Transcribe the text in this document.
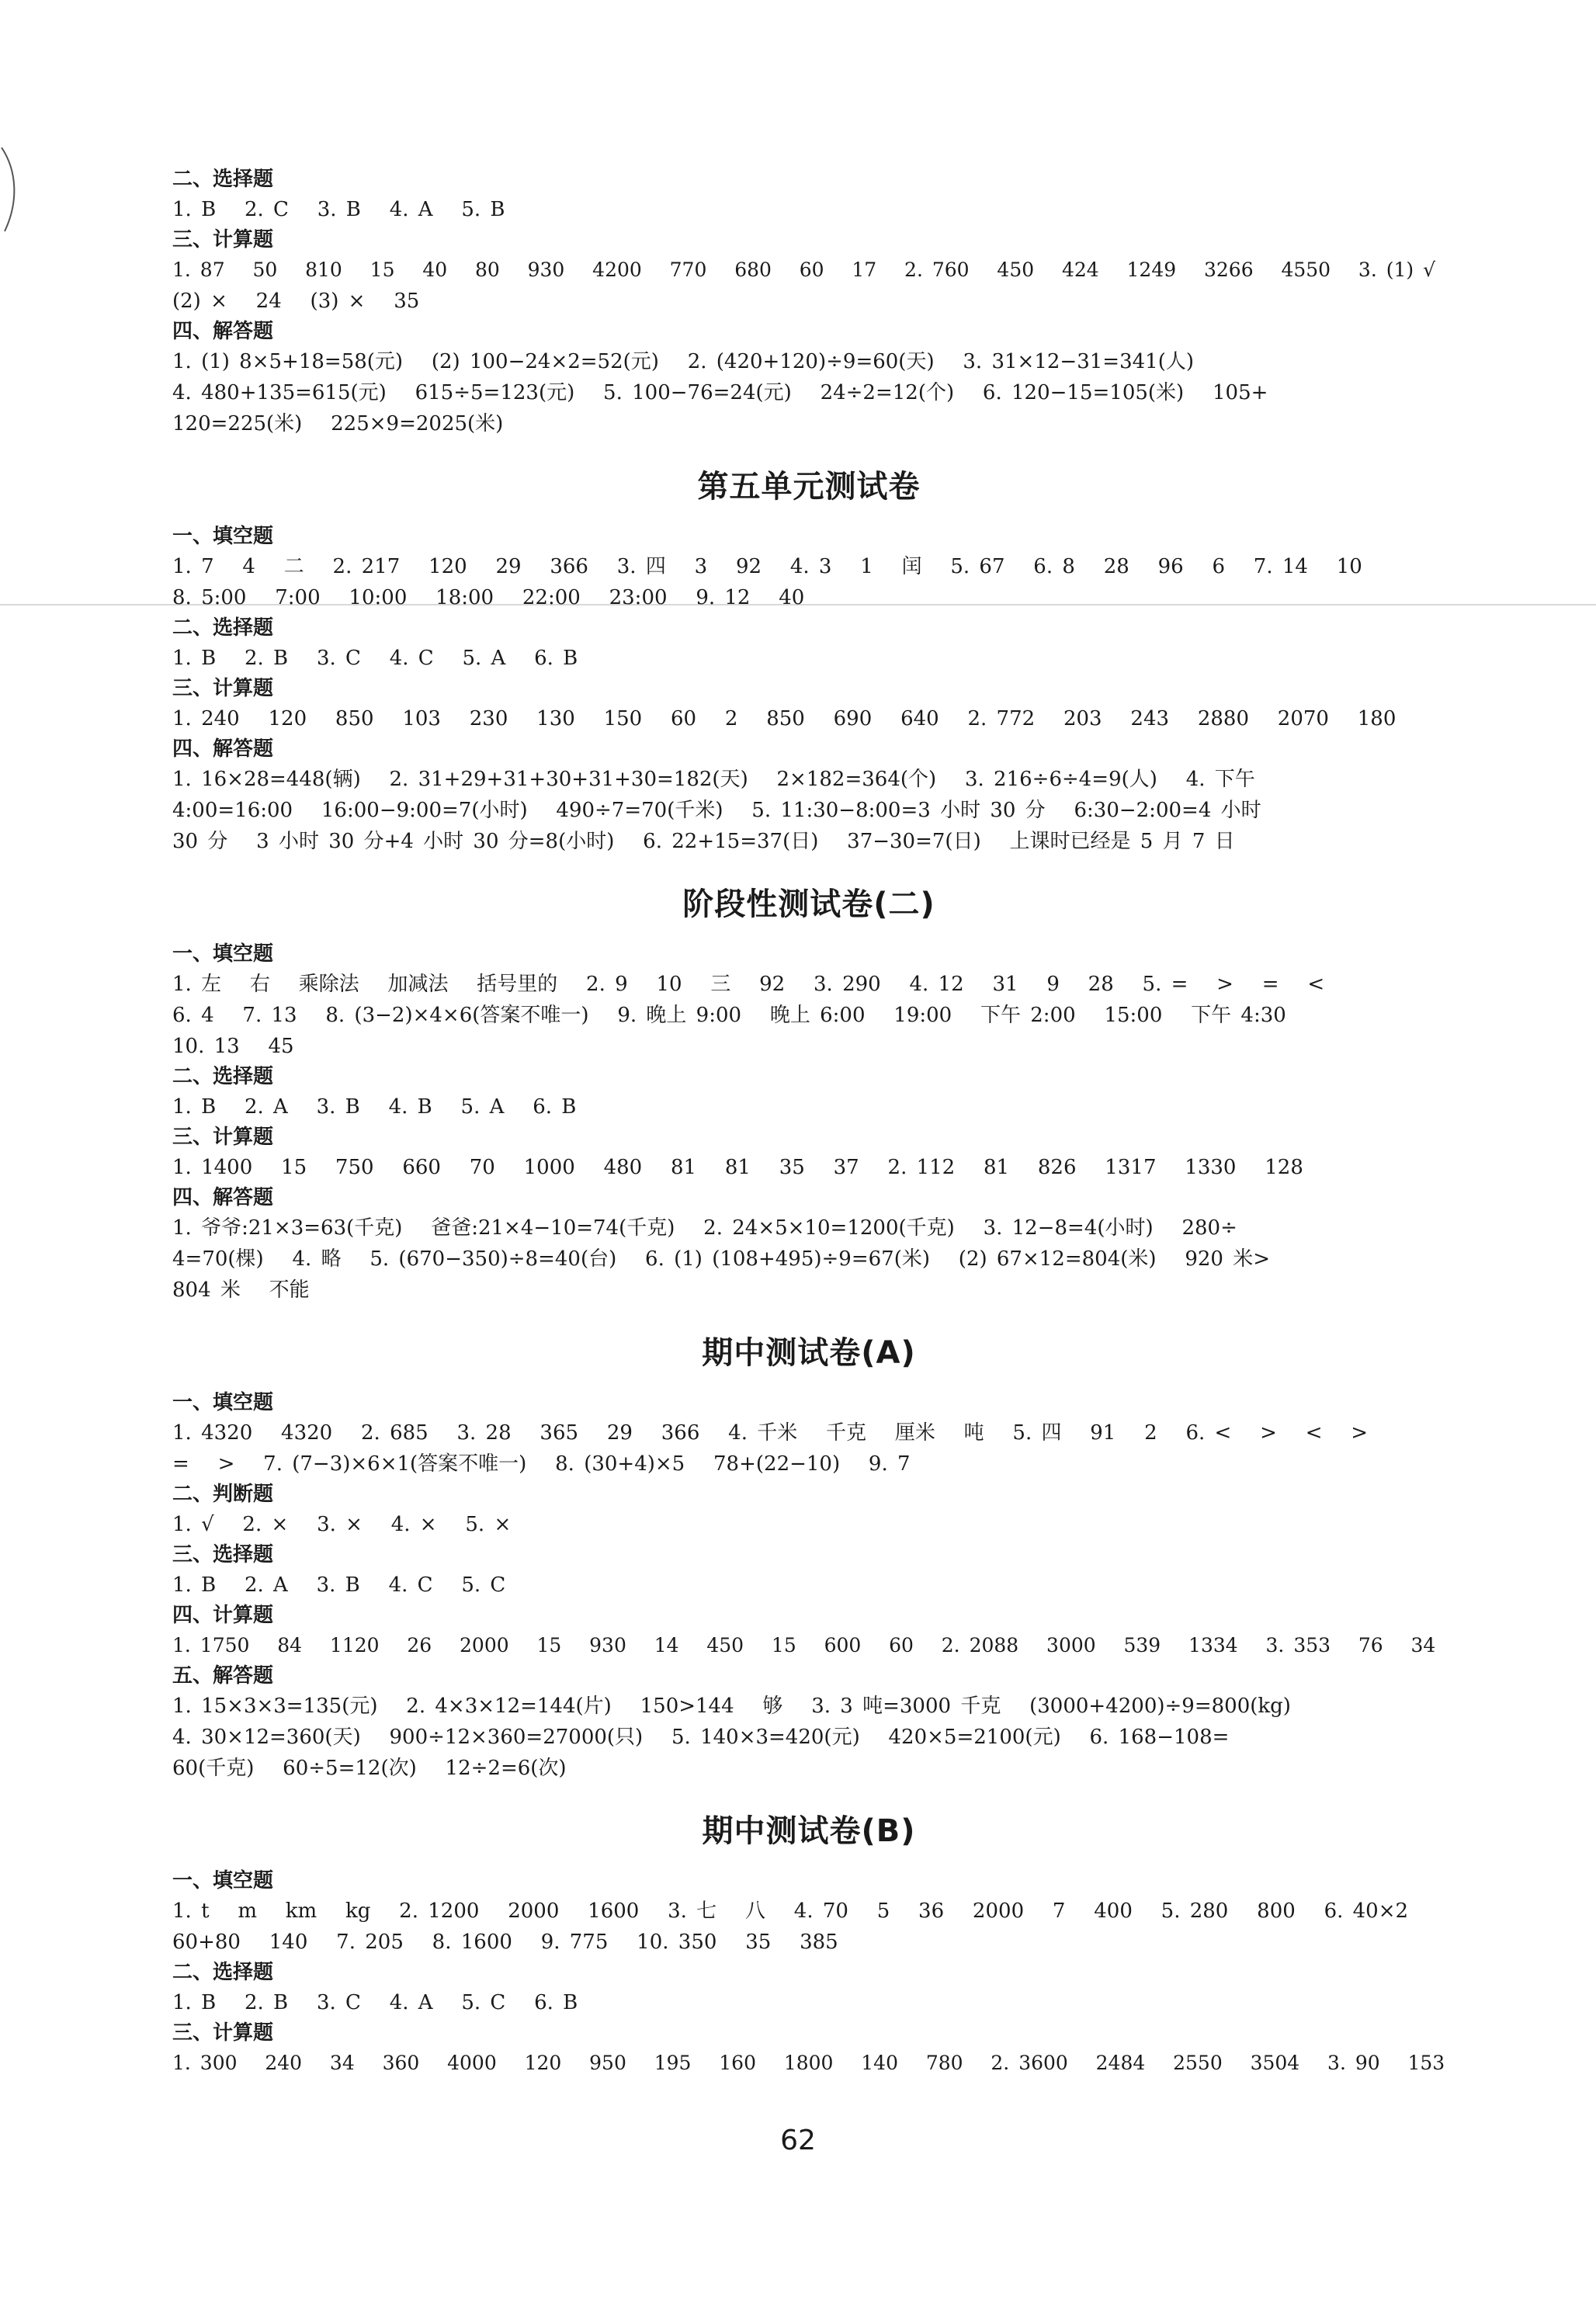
二、选择题
1. B   2. C   3. B   4. A   5. B
三、计算题
1. 87   50   810   15   40   80   930   4200   770   680   60   17   2. 760   450   424   1249   3266   4550   3. (1) √
(2) ×   24   (3) ×   35
四、解答题
1. (1) 8×5+18=58(元)   (2) 100−24×2=52(元)   2. (420+120)÷9=60(天)   3. 31×12−31=341(人)
4. 480+135=615(元)   615÷5=123(元)   5. 100−76=24(元)   24÷2=12(个)   6. 120−15=105(米)   105+
120=225(米)   225×9=2025(米)
第五单元测试卷
一、填空题
1. 7   4   二   2. 217   120   29   366   3. 四   3   92   4. 3   1   闰   5. 67   6. 8   28   96   6   7. 14   10
8. 5:00   7:00   10:00   18:00   22:00   23:00   9. 12   40
二、选择题
1. B   2. B   3. C   4. C   5. A   6. B
三、计算题
1. 240   120   850   103   230   130   150   60   2   850   690   640   2. 772   203   243   2880   2070   180
四、解答题
1. 16×28=448(辆)   2. 31+29+31+30+31+30=182(天)   2×182=364(个)   3. 216÷6÷4=9(人)   4. 下午
4:00=16:00   16:00−9:00=7(小时)   490÷7=70(千米)   5. 11:30−8:00=3 小时 30 分   6:30−2:00=4 小时
30 分   3 小时 30 分+4 小时 30 分=8(小时)   6. 22+15=37(日)   37−30=7(日)   上课时已经是 5 月 7 日
阶段性测试卷(二)
一、填空题
1. 左   右   乘除法   加减法   括号里的   2. 9   10   三   92   3. 290   4. 12   31   9   28   5. =   >   =   <
6. 4   7. 13   8. (3−2)×4×6(答案不唯一)   9. 晚上 9:00   晚上 6:00   19:00   下午 2:00   15:00   下午 4:30
10. 13   45
二、选择题
1. B   2. A   3. B   4. B   5. A   6. B
三、计算题
1. 1400   15   750   660   70   1000   480   81   81   35   37   2. 112   81   826   1317   1330   128
四、解答题
1. 爷爷:21×3=63(千克)   爸爸:21×4−10=74(千克)   2. 24×5×10=1200(千克)   3. 12−8=4(小时)   280÷
4=70(棵)   4. 略   5. (670−350)÷8=40(台)   6. (1) (108+495)÷9=67(米)   (2) 67×12=804(米)   920 米>
804 米   不能
期中测试卷(A)
一、填空题
1. 4320   4320   2. 685   3. 28   365   29   366   4. 千米   千克   厘米   吨   5. 四   91   2   6. <   >   <   >
=   >   7. (7−3)×6×1(答案不唯一)   8. (30+4)×5   78+(22−10)   9. 7
二、判断题
1. √   2. ×   3. ×   4. ×   5. ×
三、选择题
1. B   2. A   3. B   4. C   5. C
四、计算题
1. 1750   84   1120   26   2000   15   930   14   450   15   600   60   2. 2088   3000   539   1334   3. 353   76   34
五、解答题
1. 15×3×3=135(元)   2. 4×3×12=144(片)   150>144   够   3. 3 吨=3000 千克   (3000+4200)÷9=800(kg)
4. 30×12=360(天)   900÷12×360=27000(只)   5. 140×3=420(元)   420×5=2100(元)   6. 168−108=
60(千克)   60÷5=12(次)   12÷2=6(次)
期中测试卷(B)
一、填空题
1. t   m   km   kg   2. 1200   2000   1600   3. 七   八   4. 70   5   36   2000   7   400   5. 280   800   6. 40×2
60+80   140   7. 205   8. 1600   9. 775   10. 350   35   385
二、选择题
1. B   2. B   3. C   4. A   5. C   6. B
三、计算题
1. 300   240   34   360   4000   120   950   195   160   1800   140   780   2. 3600   2484   2550   3504   3. 90   153
62
